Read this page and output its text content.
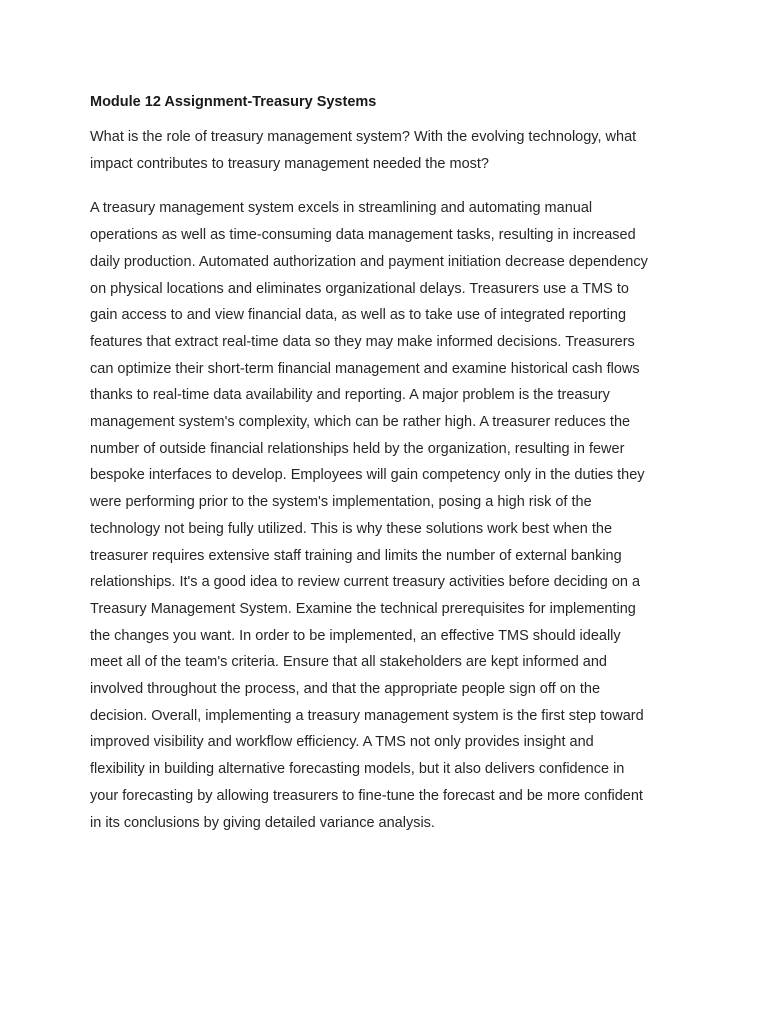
Module 12 Assignment-Treasury Systems
What is the role of treasury management system? With the evolving technology, what
impact contributes to treasury management needed the most?
A treasury management system excels in streamlining and automating manual
operations as well as time-consuming data management tasks, resulting in increased
daily production. Automated authorization and payment initiation decrease dependency
on physical locations and eliminates organizational delays. Treasurers use a TMS to
gain access to and view financial data, as well as to take use of integrated reporting
features that extract real-time data so they may make informed decisions. Treasurers
can optimize their short-term financial management and examine historical cash flows
thanks to real-time data availability and reporting. A major problem is the treasury
management system's complexity, which can be rather high. A treasurer reduces the
number of outside financial relationships held by the organization, resulting in fewer
bespoke interfaces to develop. Employees will gain competency only in the duties they
were performing prior to the system's implementation, posing a high risk of the
technology not being fully utilized. This is why these solutions work best when the
treasurer requires extensive staff training and limits the number of external banking
relationships. It's a good idea to review current treasury activities before deciding on a
Treasury Management System. Examine the technical prerequisites for implementing
the changes you want. In order to be implemented, an effective TMS should ideally
meet all of the team's criteria. Ensure that all stakeholders are kept informed and
involved throughout the process, and that the appropriate people sign off on the
decision. Overall, implementing a treasury management system is the first step toward
improved visibility and workflow efficiency. A TMS not only provides insight and
flexibility in building alternative forecasting models, but it also delivers confidence in
your forecasting by allowing treasurers to fine-tune the forecast and be more confident
in its conclusions by giving detailed variance analysis.
